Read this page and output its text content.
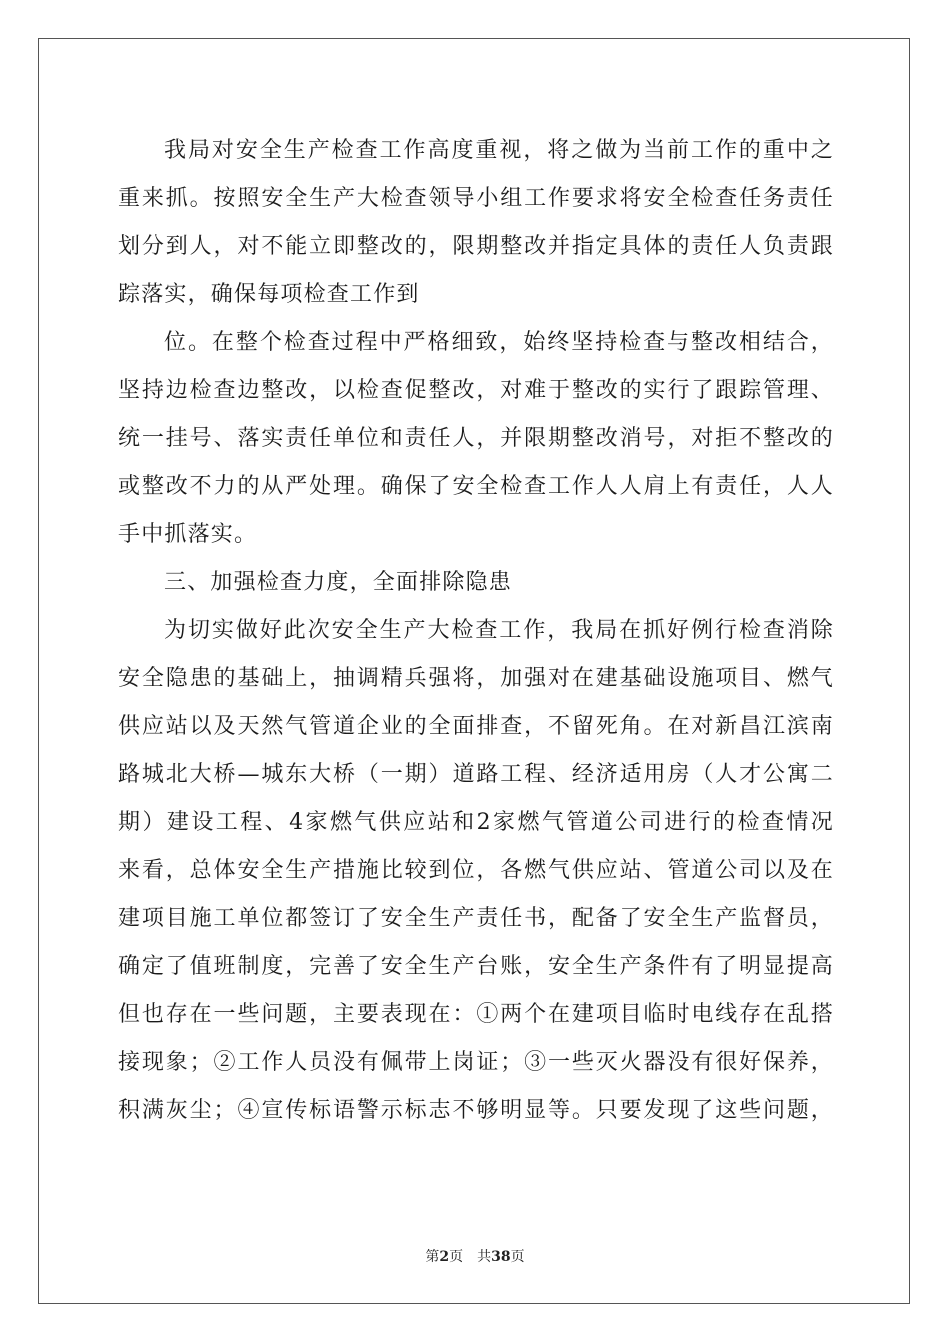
我局对安全生产检查工作高度重视，将之做为当前工作的重中之
重来抓。按照安全生产大检查领导小组工作要求将安全检查任务责任
划分到人，对不能立即整改的，限期整改并指定具体的责任人负责跟
踪落实，确保每项检查工作到
位。在整个检查过程中严格细致，始终坚持检查与整改相结合，
坚持边检查边整改，以检查促整改，对难于整改的实行了跟踪管理、
统一挂号、落实责任单位和责任人，并限期整改消号，对拒不整改的
或整改不力的从严处理。确保了安全检查工作人人肩上有责任，人人
手中抓落实。
三、加强检查力度，全面排除隐患
为切实做好此次安全生产大检查工作，我局在抓好例行检查消除
安全隐患的基础上，抽调精兵强将，加强对在建基础设施项目、燃气
供应站以及天然气管道企业的全面排查，不留死角。在对新昌江滨南
路城北大桥—城东大桥（一期）道路工程、经济适用房（人才公寓二
期）建设工程、4家燃气供应站和2家燃气管道公司进行的检查情况
来看，总体安全生产措施比较到位，各燃气供应站、管道公司以及在
建项目施工单位都签订了安全生产责任书，配备了安全生产监督员，
确定了值班制度，完善了安全生产台账，安全生产条件有了明显提高
但也存在一些问题，主要表现在：①两个在建项目临时电线存在乱搭
接现象；②工作人员没有佩带上岗证；③一些灭火器没有很好保养，
积满灰尘；④宣传标语警示标志不够明显等。只要发现了这些问题，
第2页 共38页
